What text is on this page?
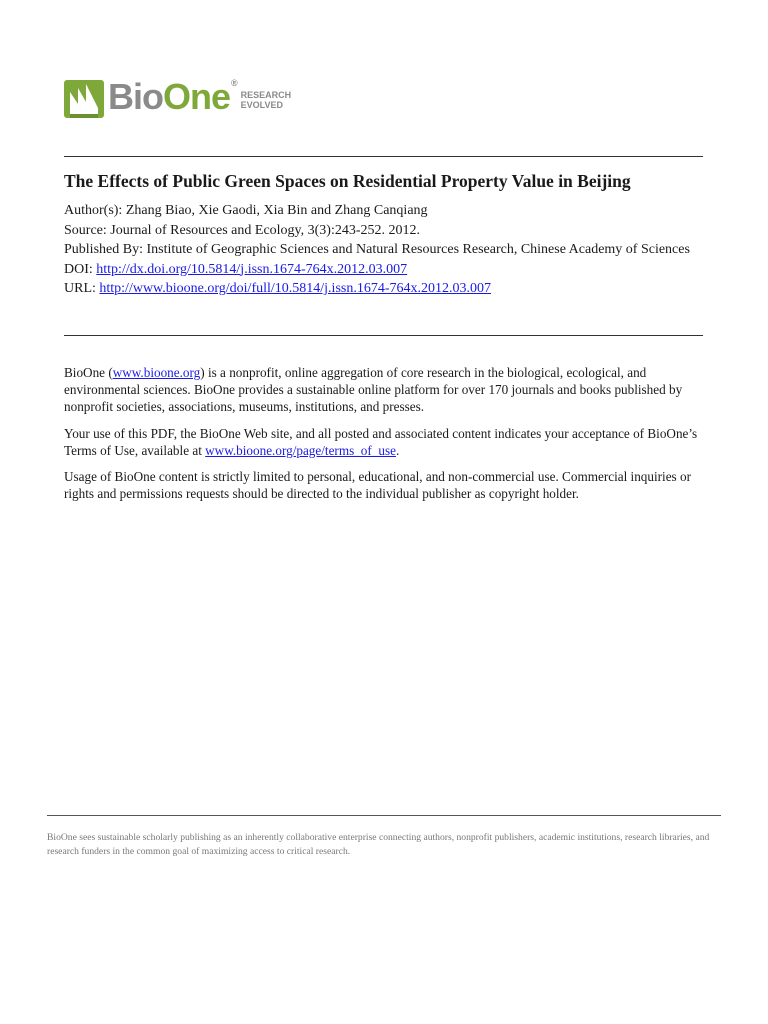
BioOne®
RESEARCH
EVOLVED
The Effects of Public Green Spaces on Residential Property Value in Beijing
Author(s): Zhang Biao, Xie Gaodi, Xia Bin and Zhang Canqiang
Source: Journal of Resources and Ecology, 3(3):243-252. 2012.
Published By: Institute of Geographic Sciences and Natural Resources Research, Chinese Academy of Sciences
DOI: http://dx.doi.org/10.5814/j.issn.1674-764x.2012.03.007
URL: http://www.bioone.org/doi/full/10.5814/j.issn.1674-764x.2012.03.007

BioOne (www.bioone.org) is a nonprofit, online aggregation of core research in the biological, ecological, and environmental sciences. BioOne provides a sustainable online platform for over 170 journals and books published by nonprofit societies, associations, museums, institutions, and presses.

Your use of this PDF, the BioOne Web site, and all posted and associated content indicates your acceptance of BioOne’s Terms of Use, available at www.bioone.org/page/terms_of_use.

Usage of BioOne content is strictly limited to personal, educational, and non-commercial use. Commercial inquiries or rights and permissions requests should be directed to the individual publisher as copyright holder.

BioOne sees sustainable scholarly publishing as an inherently collaborative enterprise connecting authors, nonprofit publishers, academic institutions, research libraries, and research funders in the common goal of maximizing access to critical research.
